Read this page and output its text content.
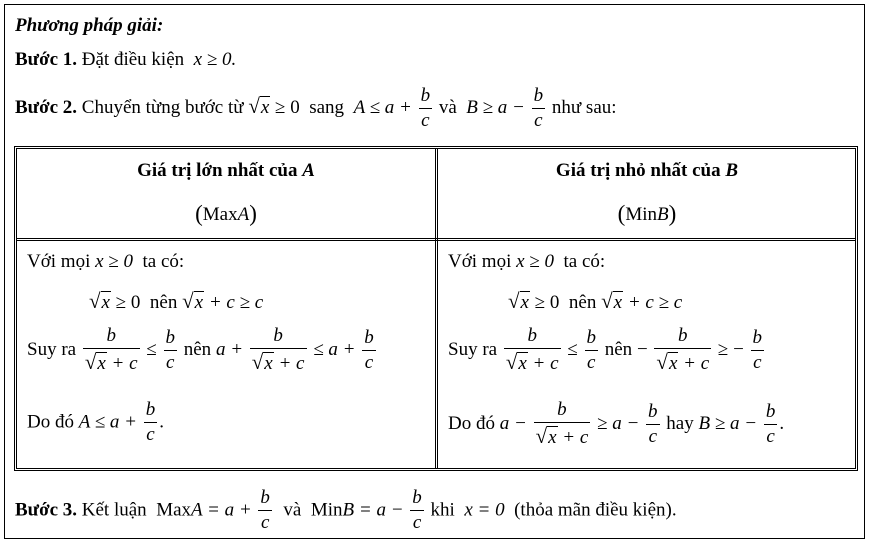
Phương pháp giải:
Bước 1. Đặt điều kiện x ≥ 0.
Bước 2. Chuyển từng bước từ √x ≥ 0 sang $A \le a + \frac{b}{c}$ và $B \ge a - \frac{b}{c}$ như sau:
Giá trị lớn nhất của A
(MaxA)
Giá trị nhỏ nhất của B
(MinB)
Với mọi x ≥ 0 ta có:
√x ≥ 0 nên √x + c ≥ c
Suy ra $\frac{b}{√x + c} \le \frac{b}{c}$ nên $a + \frac{b}{√x + c} \le a + \frac{b}{c}$
Do đó $A \le a + \frac{b}{c}$ .
Với mọi x ≥ 0 ta có:
√x ≥ 0 nên √x + c ≥ c
Suy ra $\frac{b}{√x + c} \le \frac{b}{c}$ nên − $\frac{b}{√x + c}$ ≥ − $\frac{b}{c}$
Do đó $a - \frac{b}{√x + c} \ge a - \frac{b}{c}$ hay $B \ge a - \frac{b}{c}$ .
Bước 3. Kết luận MaxA = $a + \frac{b}{c}$ và MinB = $a - \frac{b}{c}$ khi x = 0 (thỏa mãn điều kiện).
